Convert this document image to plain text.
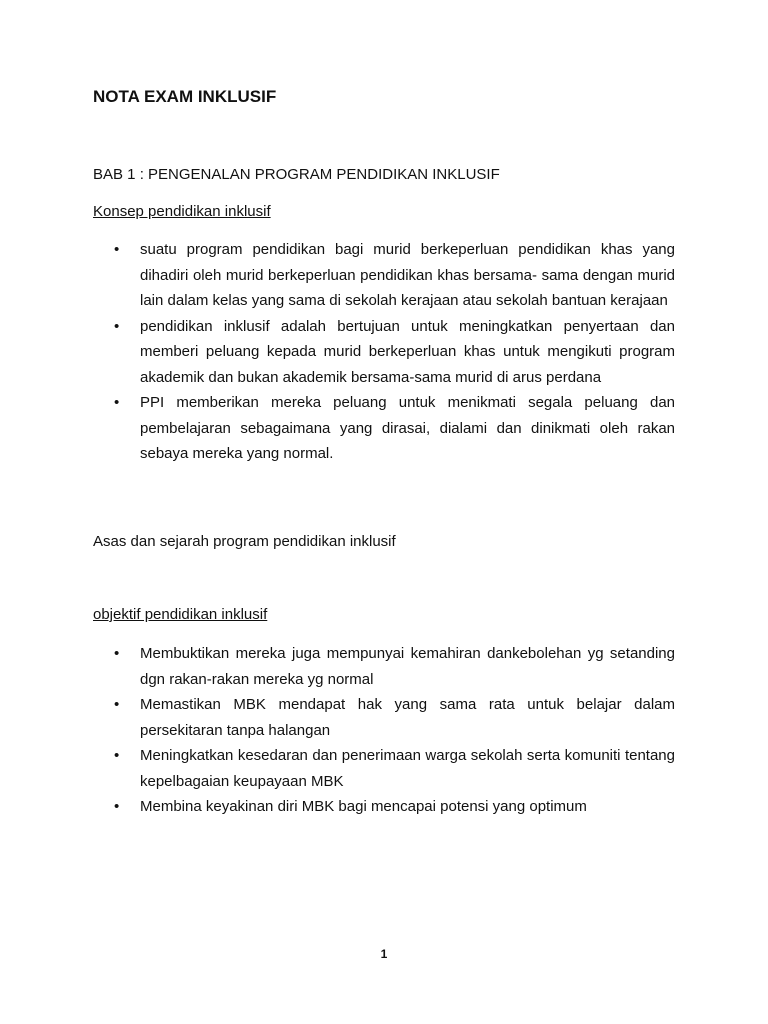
NOTA EXAM INKLUSIF
BAB 1 : PENGENALAN PROGRAM PENDIDIKAN INKLUSIF
Konsep pendidikan inklusif
• suatu program pendidikan bagi murid berkeperluan pendidikan khas yang dihadiri oleh murid berkeperluan pendidikan khas bersama- sama dengan murid lain dalam kelas yang sama di sekolah kerajaan atau sekolah bantuan kerajaan
• pendidikan inklusif adalah bertujuan untuk meningkatkan penyertaan dan memberi peluang kepada murid berkeperluan khas untuk mengikuti program akademik dan bukan akademik bersama-sama murid di arus perdana
• PPI memberikan mereka peluang untuk menikmati segala peluang dan pembelajaran sebagaimana yang dirasai, dialami dan dinikmati oleh rakan sebaya mereka yang normal.
Asas dan sejarah program pendidikan inklusif
objektif pendidikan inklusif
• Membuktikan mereka juga mempunyai kemahiran dankebolehan yg setanding dgn rakan-rakan mereka yg normal
• Memastikan MBK mendapat hak yang sama rata untuk belajar dalam persekitaran tanpa halangan
• Meningkatkan kesedaran dan penerimaan warga sekolah serta komuniti tentang kepelbagaian keupayaan MBK
• Membina keyakinan diri MBK bagi mencapai potensi yang optimum
1
